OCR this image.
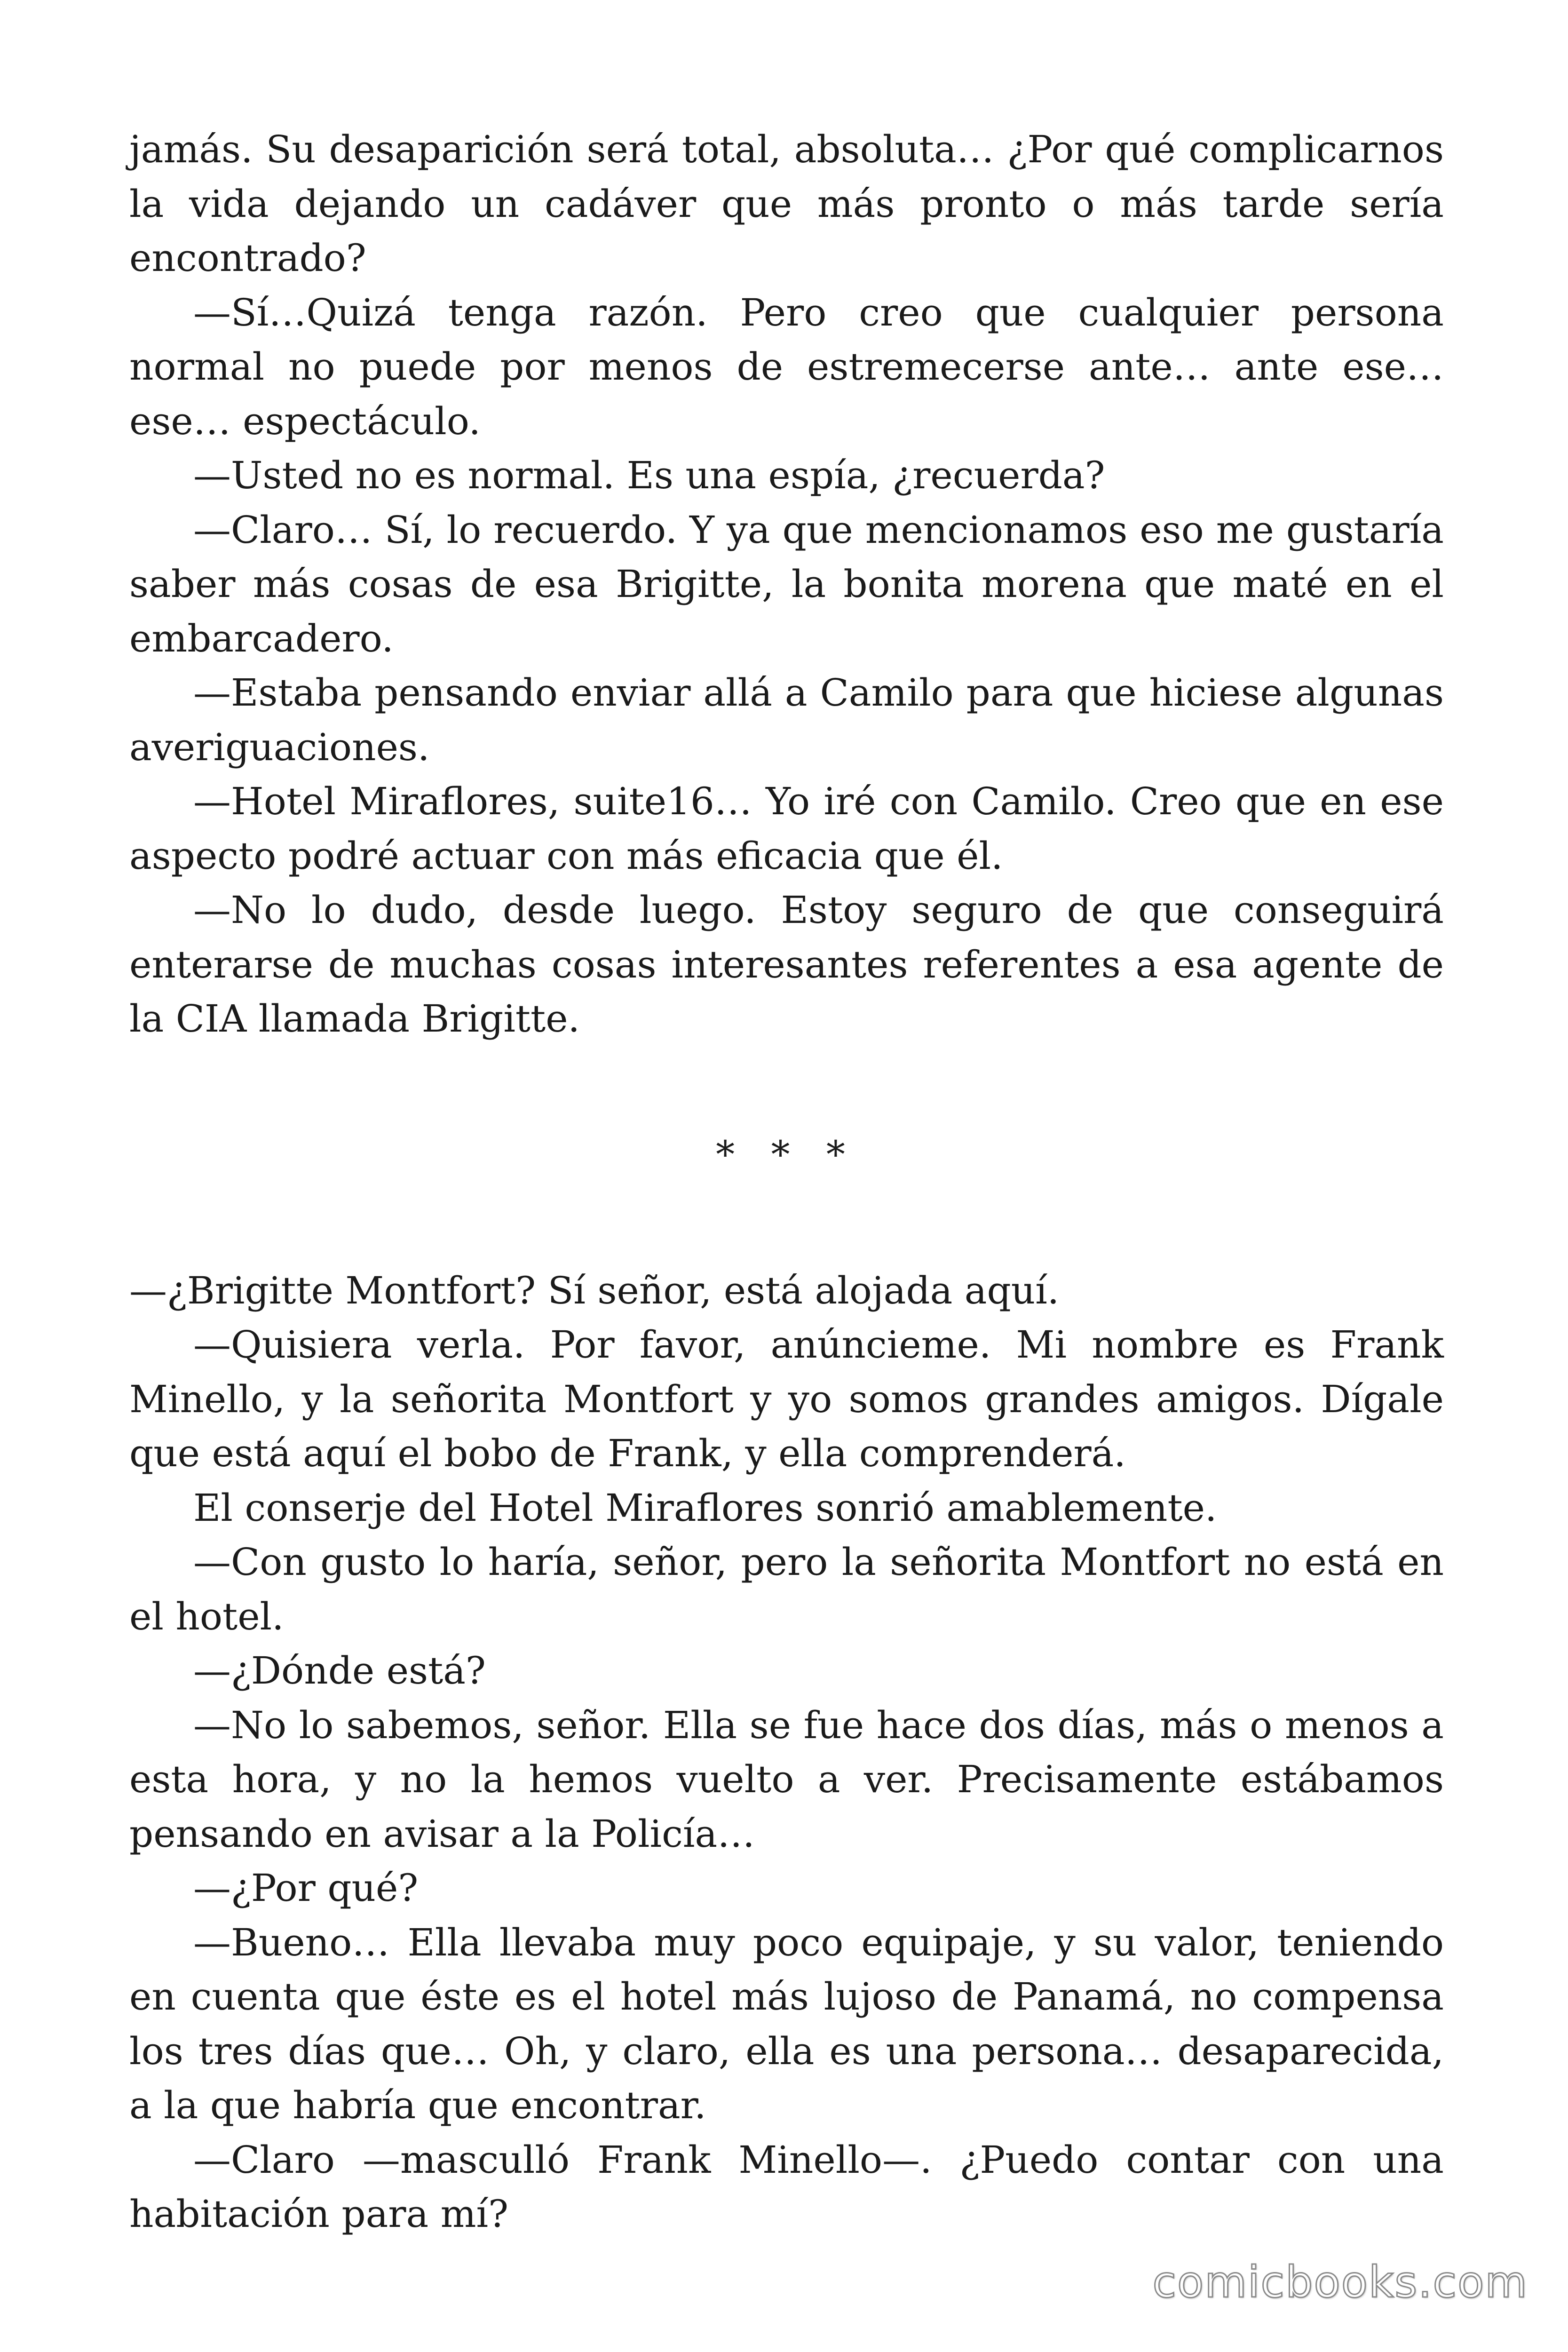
jamás. Su desaparición será total, absoluta… ¿Por qué complicarnos la vida dejando un cadáver que más pronto o más tarde sería encontrado?

—Sí…Quizá tenga razón. Pero creo que cualquier persona normal no puede por menos de estremecerse ante… ante ese… ese… espectáculo.

—Usted no es normal. Es una espía, ¿recuerda?

—Claro… Sí, lo recuerdo. Y ya que mencionamos eso me gustaría saber más cosas de esa Brigitte, la bonita morena que maté en el embarcadero.

—Estaba pensando enviar allá a Camilo para que hiciese algunas averiguaciones.

—Hotel Miraflores, suite16… Yo iré con Camilo. Creo que en ese aspecto podré actuar con más eficacia que él.

—No lo dudo, desde luego. Estoy seguro de que conseguirá enterarse de muchas cosas interesantes referentes a esa agente de la CIA llamada Brigitte.

* * *

—¿Brigitte Montfort? Sí señor, está alojada aquí.

—Quisiera verla. Por favor, anúncieme. Mi nombre es Frank Minello, y la señorita Montfort y yo somos grandes amigos. Dígale que está aquí el bobo de Frank, y ella comprenderá.

El conserje del Hotel Miraflores sonrió amablemente.

—Con gusto lo haría, señor, pero la señorita Montfort no está en el hotel.

—¿Dónde está?

—No lo sabemos, señor. Ella se fue hace dos días, más o menos a esta hora, y no la hemos vuelto a ver. Precisamente estábamos pensando en avisar a la Policía…

—¿Por qué?

—Bueno… Ella llevaba muy poco equipaje, y su valor, teniendo en cuenta que éste es el hotel más lujoso de Panamá, no compensa los tres días que… Oh, y claro, ella es una persona… desaparecida, a la que habría que encontrar.

—Claro —masculló Frank Minello—. ¿Puedo contar con una habitación para mí?

comicbooks.com
